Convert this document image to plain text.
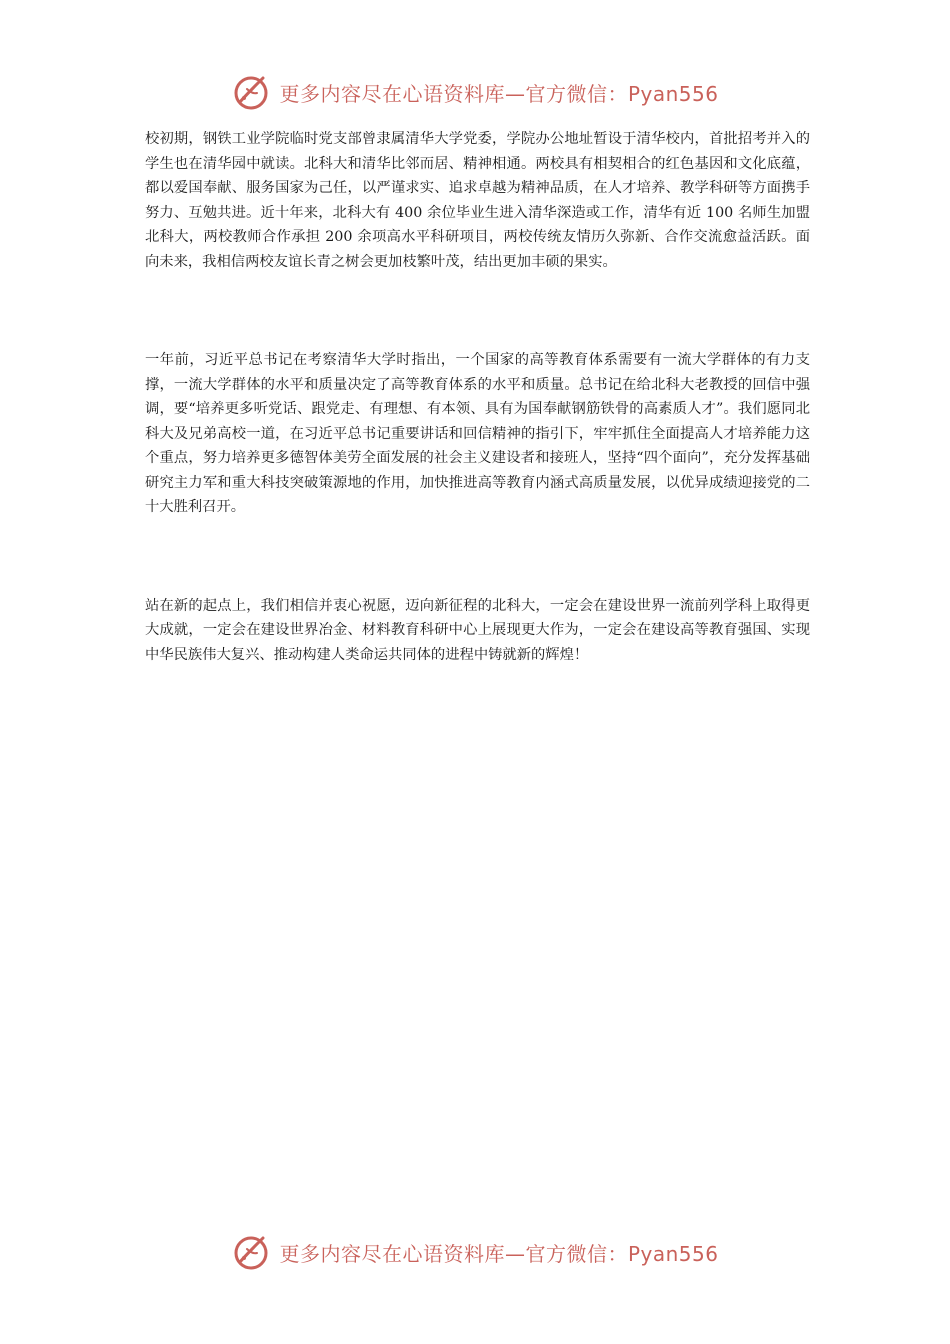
更多内容尽在心语资料库—官方微信：Pyan556

校初期，钢铁工业学院临时党支部曾隶属清华大学党委，学院办公地址暂设于清华校内，首批招考并入的学生也在清华园中就读。北科大和清华比邻而居、精神相通。两校具有相契相合的红色基因和文化底蕴，都以爱国奉献、服务国家为己任，以严谨求实、追求卓越为精神品质，在人才培养、教学科研等方面携手努力、互勉共进。近十年来，北科大有 400 余位毕业生进入清华深造或工作，清华有近 100 名师生加盟北科大，两校教师合作承担 200 余项高水平科研项目，两校传统友情历久弥新、合作交流愈益活跃。面向未来，我相信两校友谊长青之树会更加枝繁叶茂，结出更加丰硕的果实。

一年前，习近平总书记在考察清华大学时指出，一个国家的高等教育体系需要有一流大学群体的有力支撑，一流大学群体的水平和质量决定了高等教育体系的水平和质量。总书记在给北科大老教授的回信中强调，要“培养更多听党话、跟党走、有理想、有本领、具有为国奉献钢筋铁骨的高素质人才”。我们愿同北科大及兄弟高校一道，在习近平总书记重要讲话和回信精神的指引下，牢牢抓住全面提高人才培养能力这个重点，努力培养更多德智体美劳全面发展的社会主义建设者和接班人，坚持“四个面向”，充分发挥基础研究主力军和重大科技突破策源地的作用，加快推进高等教育内涵式高质量发展，以优异成绩迎接党的二十大胜利召开。

站在新的起点上，我们相信并衷心祝愿，迈向新征程的北科大，一定会在建设世界一流前列学科上取得更大成就，一定会在建设世界冶金、材料教育科研中心上展现更大作为，一定会在建设高等教育强国、实现中华民族伟大复兴、推动构建人类命运共同体的进程中铸就新的辉煌！

更多内容尽在心语资料库—官方微信：Pyan556
